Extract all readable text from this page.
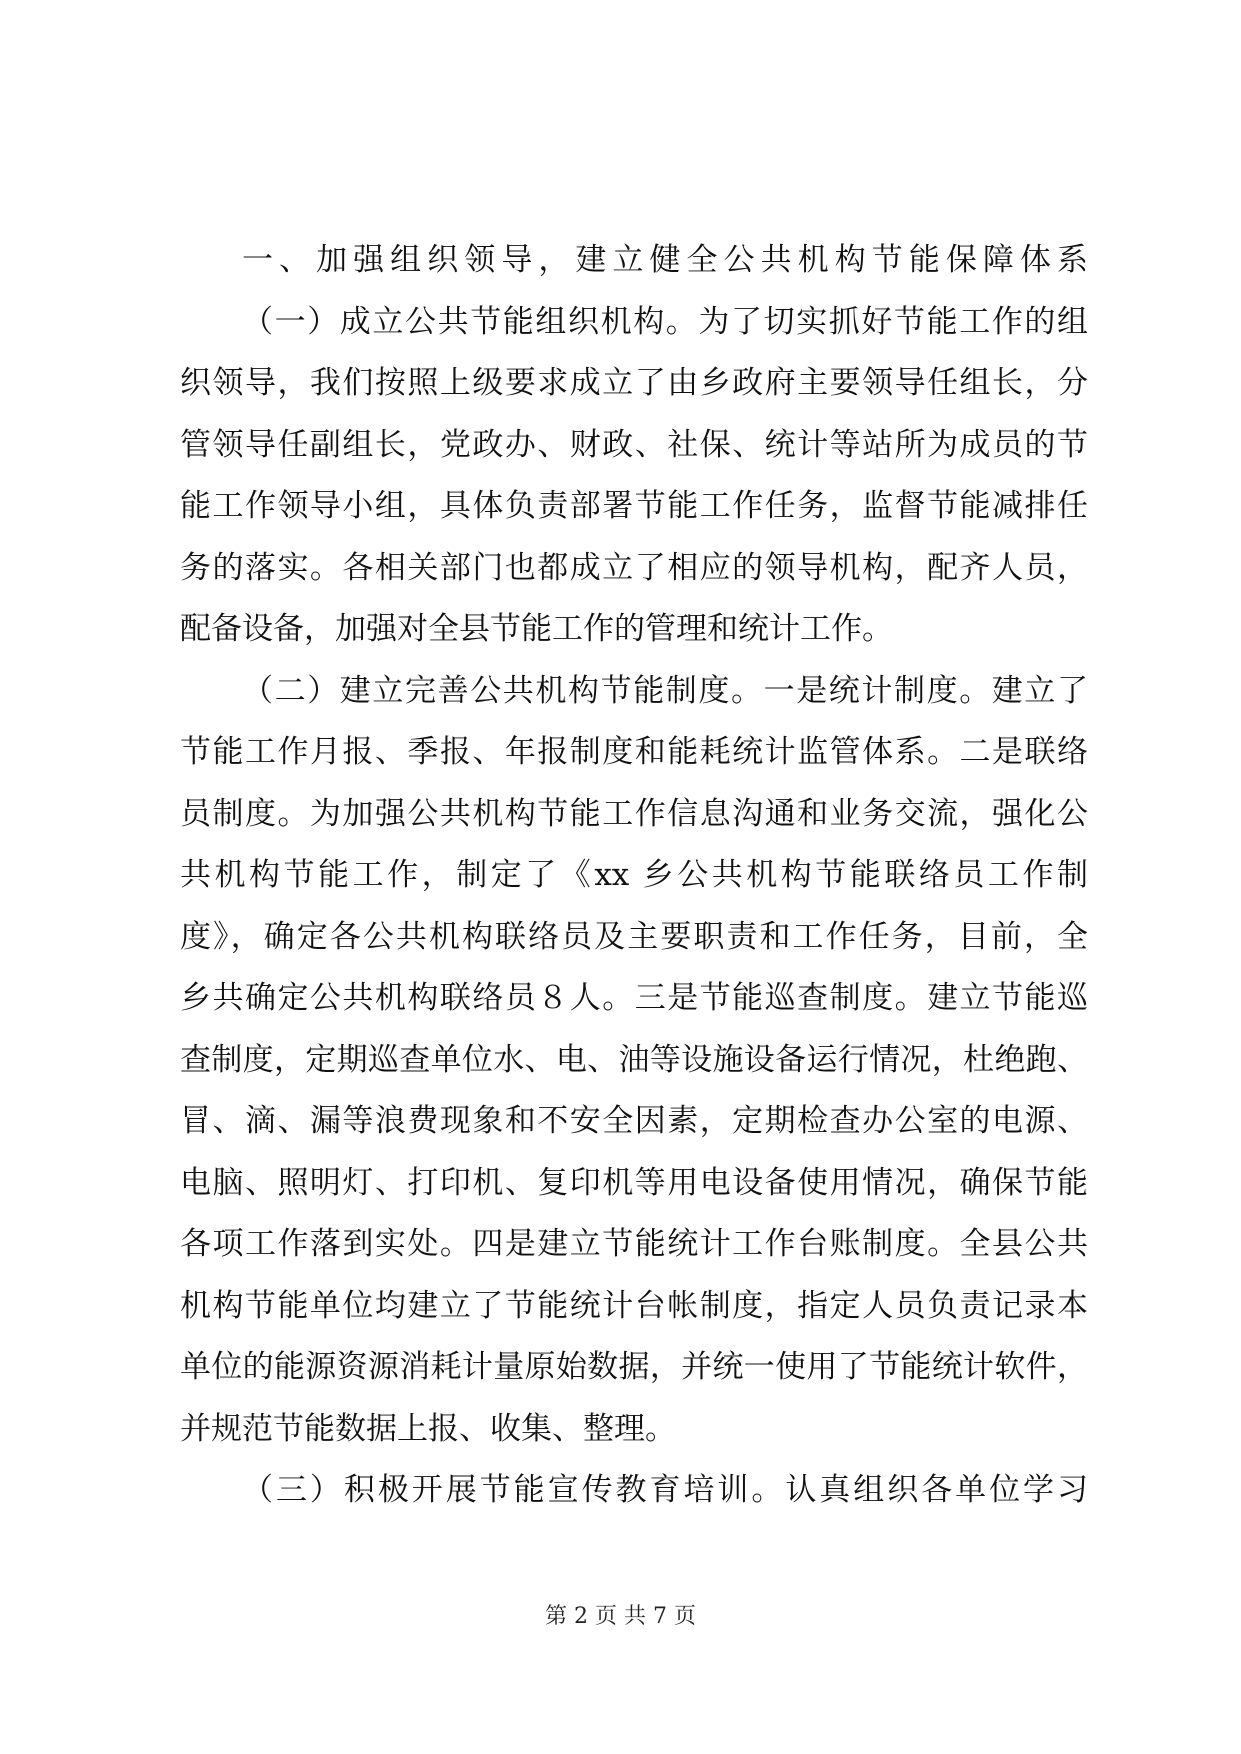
一、加强组织领导，建立健全公共机构节能保障体系
（一）成立公共节能组织机构。为了切实抓好节能工作的组
织领导，我们按照上级要求成立了由乡政府主要领导任组长，分
管领导任副组长，党政办、财政、社保、统计等站所为成员的节
能工作领导小组，具体负责部署节能工作任务，监督节能减排任
务的落实。各相关部门也都成立了相应的领导机构，配齐人员，
配备设备，加强对全县节能工作的管理和统计工作。
（二）建立完善公共机构节能制度。一是统计制度。建立了
节能工作月报、季报、年报制度和能耗统计监管体系。二是联络
员制度。为加强公共机构节能工作信息沟通和业务交流，强化公
共机构节能工作，制定了《xx 乡公共机构节能联络员工作制
度》，确定各公共机构联络员及主要职责和工作任务，目前，全
乡共确定公共机构联络员８人。三是节能巡查制度。建立节能巡
查制度，定期巡查单位水、电、油等设施设备运行情况，杜绝跑、
冒、滴、漏等浪费现象和不安全因素，定期检查办公室的电源、
电脑、照明灯、打印机、复印机等用电设备使用情况，确保节能
各项工作落到实处。四是建立节能统计工作台账制度。全县公共
机构节能单位均建立了节能统计台帐制度，指定人员负责记录本
单位的能源资源消耗计量原始数据，并统一使用了节能统计软件，
并规范节能数据上报、收集、整理。
（三）积极开展节能宣传教育培训。认真组织各单位学习
第 2 页 共 7 页
